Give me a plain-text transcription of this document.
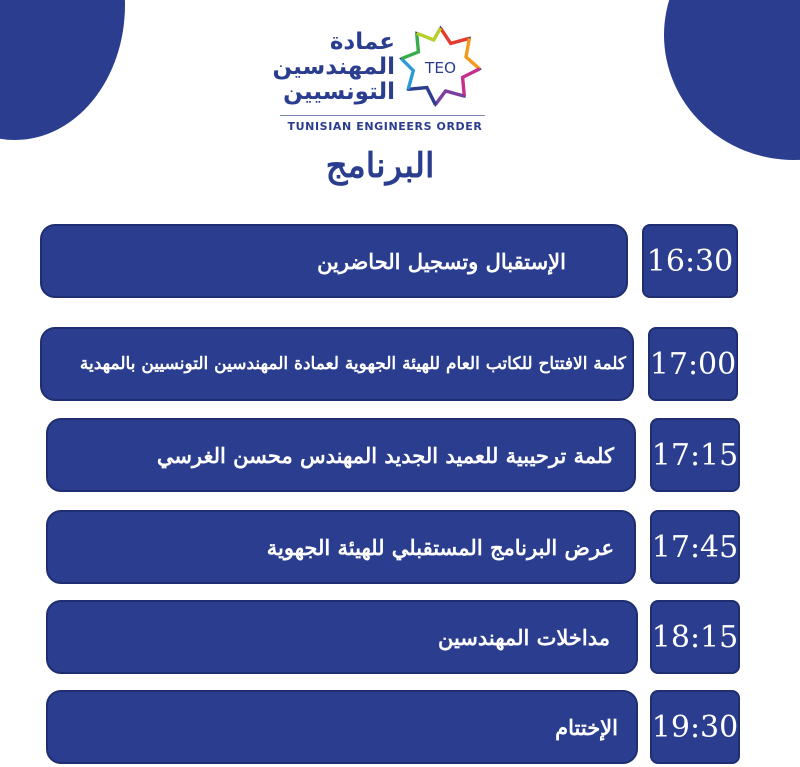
عمادة
المهندسين
التونسيين
TEO
TUNISIAN ENGINEERS ORDER
البرنامج
الإستقبال وتسجيل الحاضرين	16:30
كلمة الافتتاح للكاتب العام للهيئة الجهوية لعمادة المهندسين التونسيين بالمهدية 17:00
كلمة ترحيبية للعميد الجديد المهندس محسن الغرسي 17:15
عرض البرنامج المستقبلي للهيئة الجهوية 17:45
مداخلات المهندسين 18:15
الإختتام 19:30
